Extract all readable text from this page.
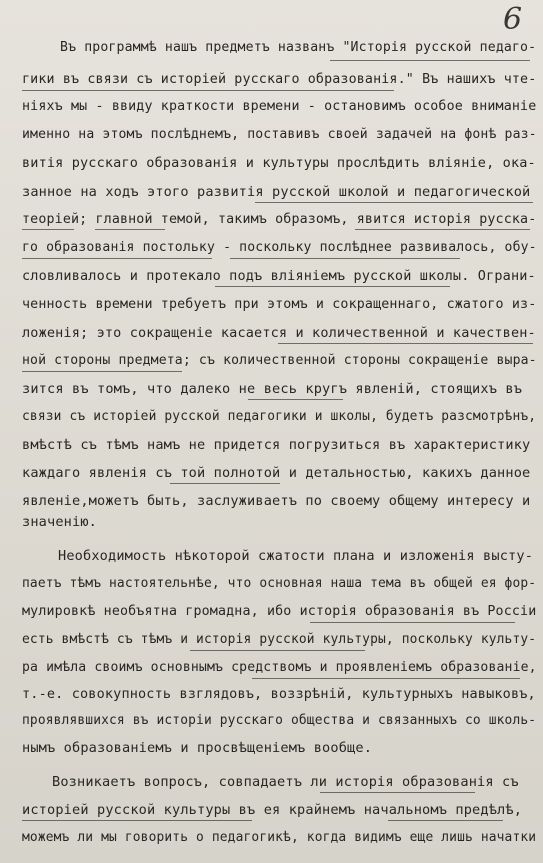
6
Въ программѣ нашъ предметъ названъ "Исторія русской педаго-
гики въ связи съ исторіей русскаго образованія." Въ нашихъ чте-
ніяхъ мы - ввиду краткости времени - остановимъ особое вниманіе
именно на этомъ послѣднемъ, поставивъ своей задачей на фонѣ раз-
витія русскаго образованія и культуры прослѣдить вліяніе, ока-
занное на ходъ этого развитія русской школой и педагогической
теоріей; главной темой, такимъ образомъ, явится исторія русска-
го образованія постольку - поскольку послѣднее развивалось, обу-
словливалось и протекало подъ вліяніемъ русской школы. Ограни-
ченность времени требуетъ при этомъ и сокращеннаго, сжатого из-
ложенія; это сокращеніе касается и количественной и качествен-
ной стороны предмета; съ количественной стороны сокращеніе выра-
зится въ томъ, что далеко не весь кругъ явленій, стоящихъ въ
связи съ исторіей русской педагогики и школы, будетъ разсмотрѣнъ,
вмѣстѣ съ тѣмъ намъ не придется погрузиться въ характеристику
каждаго явленія съ той полнотой и детальностью, какихъ данное
явленіе,можетъ быть, заслуживаетъ по своему общему интересу и
значенію.
Необходимость нѣкоторой сжатости плана и изложенія высту-
паетъ тѣмъ настоятельнѣе, что основная наша тема въ общей ея фор-
мулировкѣ необъятна громадна, ибо исторія образованія въ Россіи
есть вмѣстѣ съ тѣмъ и исторія русской культуры, поскольку культу-
ра имѣла своимъ основнымъ средствомъ и проявленіемъ образованіе,
т.-е. совокупность взглядовъ, воззрѣній, культурныхъ навыковъ,
проявлявшихся въ исторіи русскаго общества и связанныхъ со школь-
нымъ образованіемъ и просвѣщеніемъ вообще.
Возникаетъ вопросъ, совпадаетъ ли исторія образованія съ
исторіей русской культуры въ ея крайнемъ начальномъ предѣлѣ,
можемъ ли мы говорить о педагогикѣ, когда видимъ еще лишь начатки
